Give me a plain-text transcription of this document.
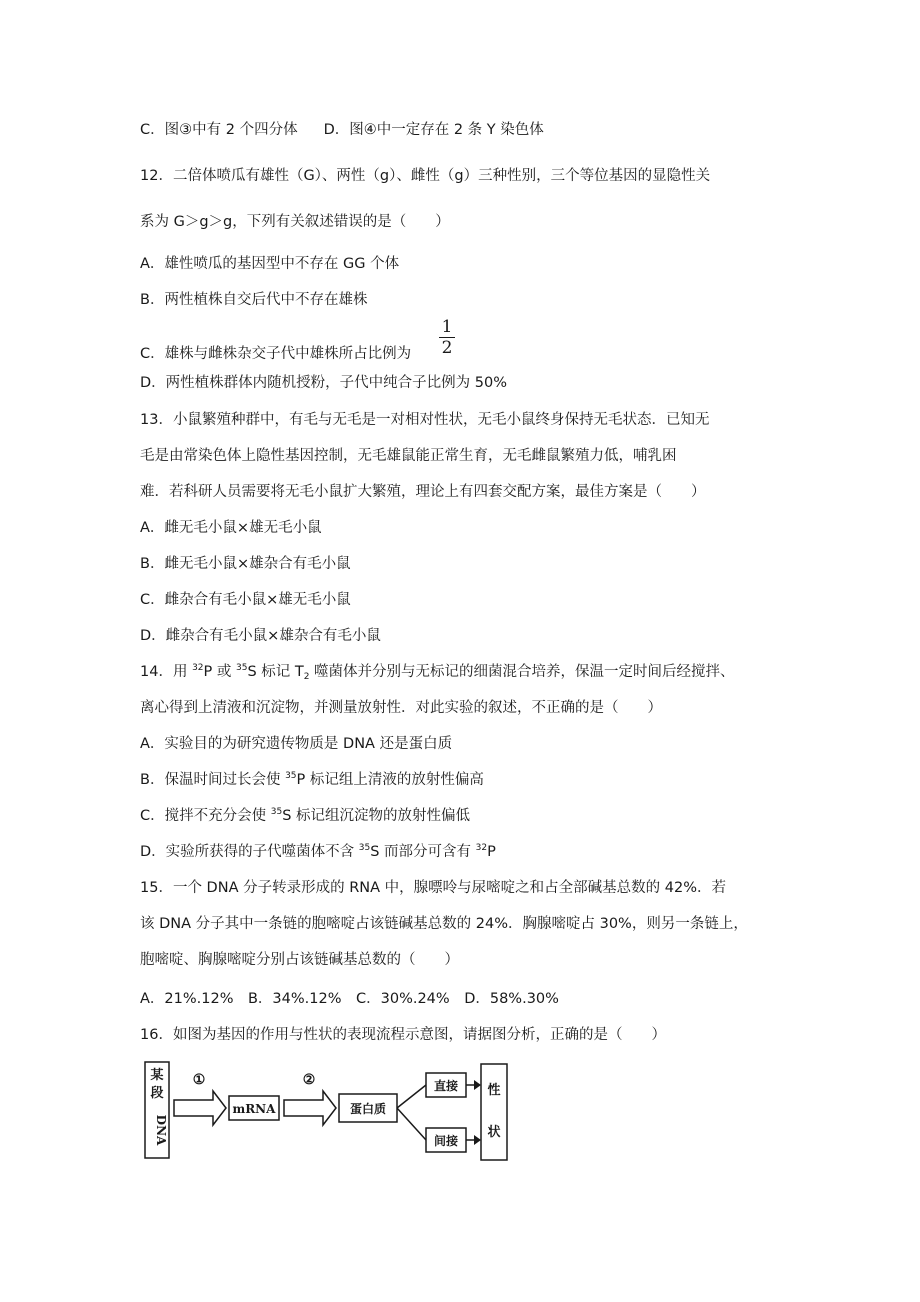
C．图③中有 2 个四分体 D．图④中一定存在 2 条 Y 染色体
12．二倍体喷瓜有雄性（G）、两性（g）、雌性（g）三种性别，三个等位基因的显隐性关
系为 G＞g＞g，下列有关叙述错误的是（　　）
A．雄性喷瓜的基因型中不存在 GG 个体
B．两性植株自交后代中不存在雄株
C．雄株与雌株杂交子代中雄株所占比例为
1
2
D．两性植株群体内随机授粉，子代中纯合子比例为 50%
13．小鼠繁殖种群中，有毛与无毛是一对相对性状，无毛小鼠终身保持无毛状态．已知无
毛是由常染色体上隐性基因控制，无毛雄鼠能正常生育，无毛雌鼠繁殖力低，哺乳困
难．若科研人员需要将无毛小鼠扩大繁殖，理论上有四套交配方案，最佳方案是（　　）
A．雌无毛小鼠×雄无毛小鼠
B．雌无毛小鼠×雄杂合有毛小鼠
C．雌杂合有毛小鼠×雄无毛小鼠
D．雌杂合有毛小鼠×雄杂合有毛小鼠
14．用 $^{32}$P 或 $^{35}$S 标记 $T_2$ 噬菌体并分别与无标记的细菌混合培养，保温一定时间后经搅拌、
离心得到上清液和沉淀物，并测量放射性．对此实验的叙述，不正确的是（　　）
A．实验目的为研究遗传物质是 DNA 还是蛋白质
B．保温时间过长会使 $^{35}$P 标记组上清液的放射性偏高
C．搅拌不充分会使 $^{35}$S 标记组沉淀物的放射性偏低
D．实验所获得的子代噬菌体不含 $^{35}$S 而部分可含有 $^{32}$P
15．一个 DNA 分子转录形成的 RNA 中，腺嘌呤与尿嘧啶之和占全部碱基总数的 42%．若
该 DNA 分子其中一条链的胞嘧啶占该链碱基总数的 24%．胸腺嘧啶占 30%，则另一条链上，
胞嘧啶、胸腺嘧啶分别占该链碱基总数的（　　）
A．21%.12%　B．34%.12%　C．30%.24%　D．58%.30%
16．如图为基因的作用与性状的表现流程示意图，请据图分析，正确的是（　　）
某
段
DNA
①
mRNA
②
蛋白质
直接
间接
性
状
